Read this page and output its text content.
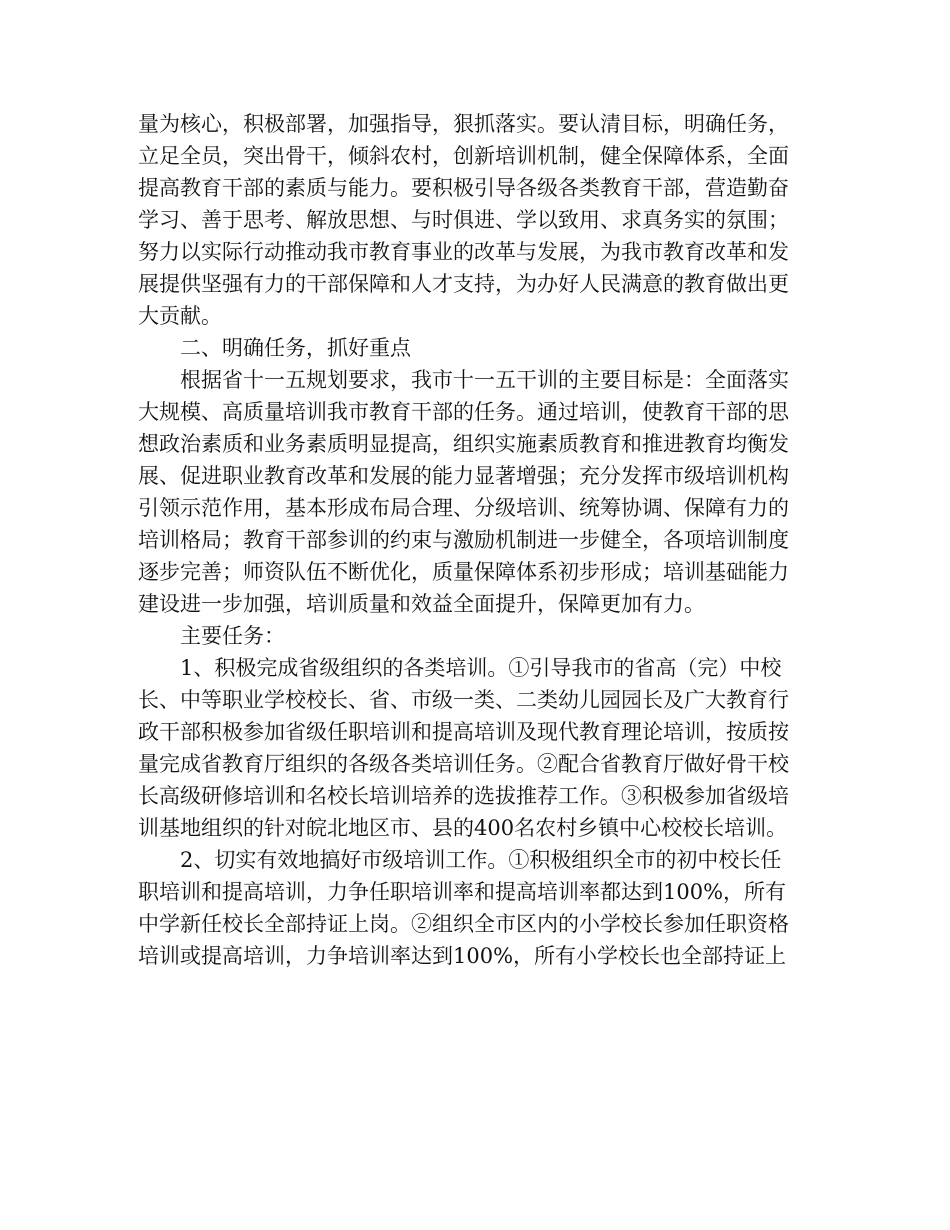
量为核心，积极部署，加强指导，狠抓落实。要认清目标，明确任务，
立足全员，突出骨干，倾斜农村，创新培训机制，健全保障体系，全面
提高教育干部的素质与能力。要积极引导各级各类教育干部，营造勤奋
学习、善于思考、解放思想、与时俱进、学以致用、求真务实的氛围；
努力以实际行动推动我市教育事业的改革与发展，为我市教育改革和发
展提供坚强有力的干部保障和人才支持，为办好人民满意的教育做出更
大贡献。
　　二、明确任务，抓好重点
　　根据省十一五规划要求，我市十一五干训的主要目标是：全面落实
大规模、高质量培训我市教育干部的任务。通过培训，使教育干部的思
想政治素质和业务素质明显提高，组织实施素质教育和推进教育均衡发
展、促进职业教育改革和发展的能力显著增强；充分发挥市级培训机构
引领示范作用，基本形成布局合理、分级培训、统筹协调、保障有力的
培训格局；教育干部参训的约束与激励机制进一步健全，各项培训制度
逐步完善；师资队伍不断优化，质量保障体系初步形成；培训基础能力
建设进一步加强，培训质量和效益全面提升，保障更加有力。
　　主要任务：
　　1、积极完成省级组织的各类培训。①引导我市的省高（完）中校
长、中等职业学校校长、省、市级一类、二类幼儿园园长及广大教育行
政干部积极参加省级任职培训和提高培训及现代教育理论培训，按质按
量完成省教育厅组织的各级各类培训任务。②配合省教育厅做好骨干校
长高级研修培训和名校长培训培养的选拔推荐工作。③积极参加省级培
训基地组织的针对皖北地区市、县的400名农村乡镇中心校校长培训。
　　2、切实有效地搞好市级培训工作。①积极组织全市的初中校长任
职培训和提高培训，力争任职培训率和提高培训率都达到100%，所有
中学新任校长全部持证上岗。②组织全市区内的小学校长参加任职资格
培训或提高培训，力争培训率达到100%，所有小学校长也全部持证上
